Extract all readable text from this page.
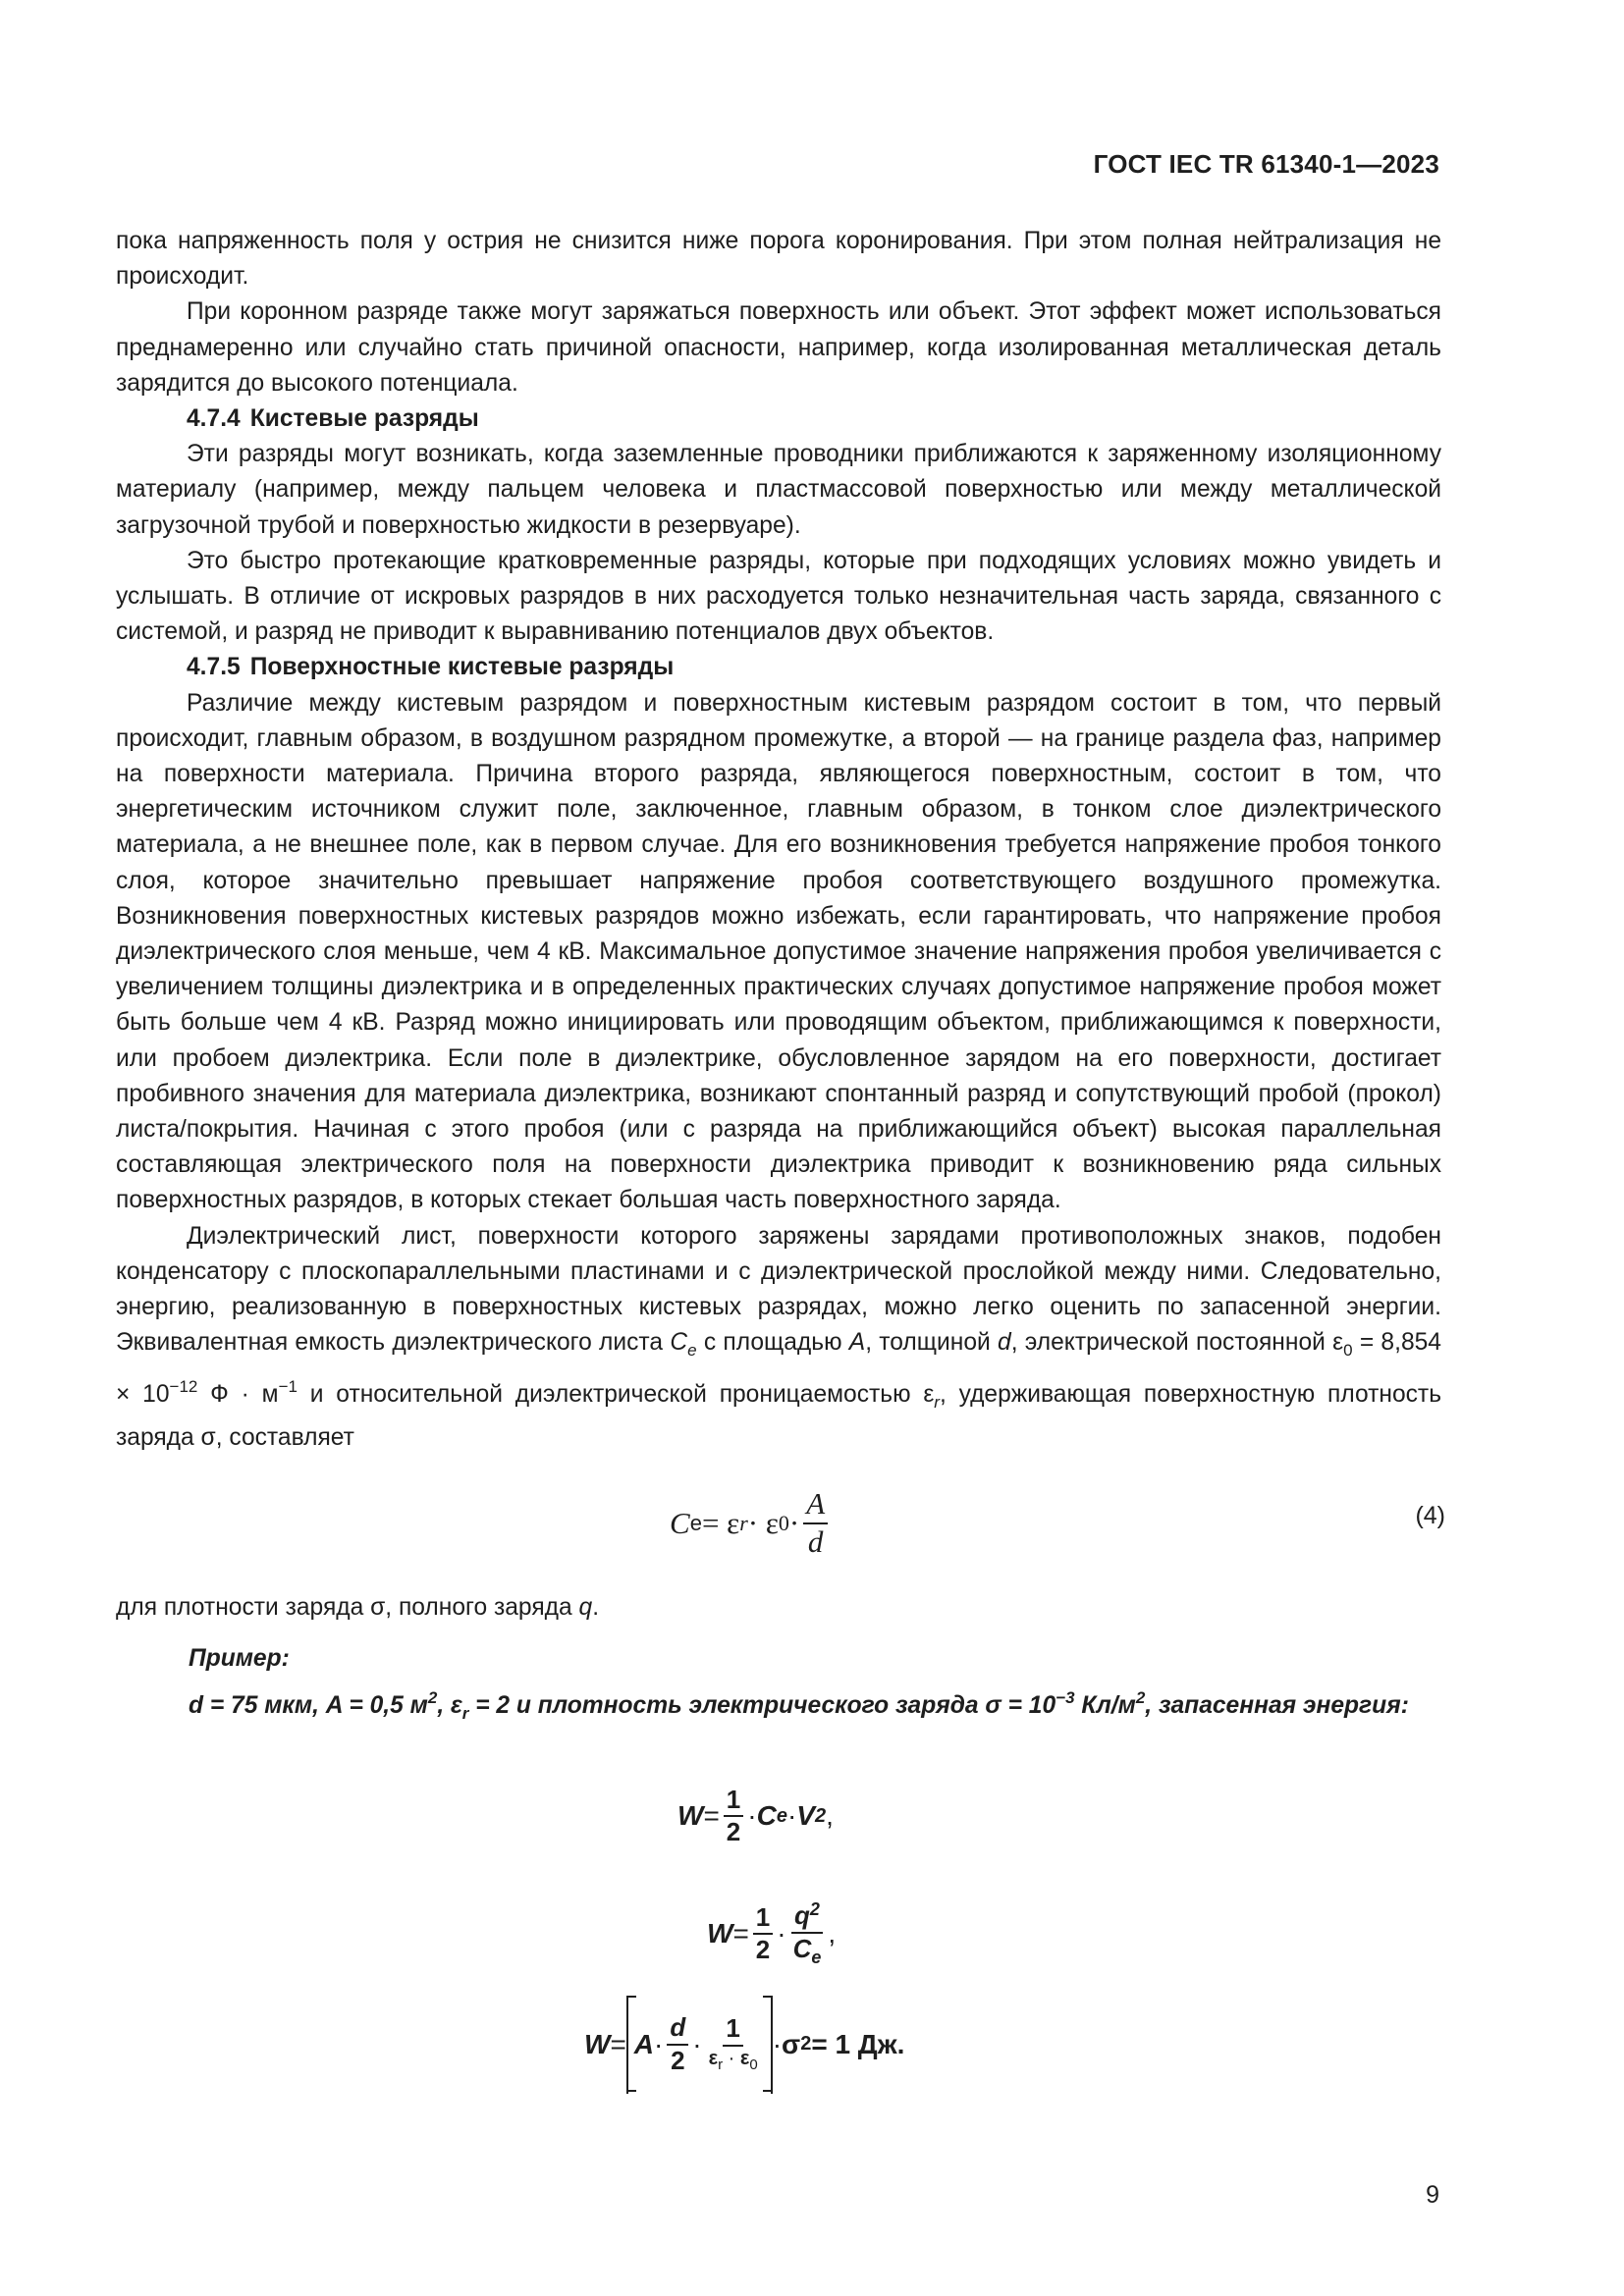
ГОСТ IEC TR 61340-1—2023

пока напряженность поля у острия не снизится ниже порога коронирования. При этом полная нейтрализация не происходит.

При коронном разряде также могут заряжаться поверхность или объект. Этот эффект может использоваться преднамеренно или случайно стать причиной опасности, например, когда изолированная металлическая деталь зарядится до высокого потенциала.

4.7.4 Кистевые разряды

Эти разряды могут возникать, когда заземленные проводники приближаются к заряженному изоляционному материалу (например, между пальцем человека и пластмассовой поверхностью или между металлической загрузочной трубой и поверхностью жидкости в резервуаре).

Это быстро протекающие кратковременные разряды, которые при подходящих условиях можно увидеть и услышать. В отличие от искровых разрядов в них расходуется только незначительная часть заряда, связанного с системой, и разряд не приводит к выравниванию потенциалов двух объектов.

4.7.5 Поверхностные кистевые разряды

Различие между кистевым разрядом и поверхностным кистевым разрядом состоит в том, что первый происходит, главным образом, в воздушном разрядном промежутке, а второй — на границе раздела фаз, например на поверхности материала. Причина второго разряда, являющегося поверхностным, состоит в том, что энергетическим источником служит поле, заключенное, главным образом, в тонком слое диэлектрического материала, а не внешнее поле, как в первом случае. Для его возникновения требуется напряжение пробоя тонкого слоя, которое значительно превышает напряжение пробоя соответствующего воздушного промежутка. Возникновения поверхностных кистевых разрядов можно избежать, если гарантировать, что напряжение пробоя диэлектрического слоя меньше, чем 4 кВ. Максимальное допустимое значение напряжения пробоя увеличивается с увеличением толщины диэлектрика и в определенных практических случаях допустимое напряжение пробоя может быть больше чем 4 кВ. Разряд можно инициировать или проводящим объектом, приближающимся к поверхности, или пробоем диэлектрика. Если поле в диэлектрике, обусловленное зарядом на его поверхности, достигает пробивного значения для материала диэлектрика, возникают спонтанный разряд и сопутствующий пробой (прокол) листа/покрытия. Начиная с этого пробоя (или с разряда на приближающийся объект) высокая параллельная составляющая электрического поля на поверхности диэлектрика приводит к возникновению ряда сильных поверхностных разрядов, в которых стекает большая часть поверхностного заряда.

Диэлектрический лист, поверхности которого заряжены зарядами противоположных знаков, подобен конденсатору с плоскопараллельными пластинами и с диэлектрической прослойкой между ними. Следовательно, энергию, реализованную в поверхностных кистевых разрядах, можно легко оценить по запасенной энергии. Эквивалентная емкость диэлектрического листа $C_e$ с площадью A, толщиной d, электрической постоянной $\varepsilon_0 = 8,854 \times 10^{-12}$ $Ф \cdot м^{-1}$ и относительной диэлектрической проницаемостью $\varepsilon_r$, удерживающая поверхностную плотность заряда σ, составляет

C e = ε r · ε $0 \cdot \frac{A}{d}$	(4)
для плотности заряда σ, полного заряда q.
Пример:
d = 75 мкм, A = 0,5 $м^2$, $\varepsilon_r = 2$ и плотность электрического заряда $\sigma = 10^{-3}$ $Кл/м^2$, запасенная энергия:
$W = \frac{1}{2} \cdot C$ e · V 2 ,
$W = \frac{1}{2} \cdot \frac{q^2}{C_e}$ ,
$W = A \cdot \frac{d}{2} \cdot \frac{1}{\varepsilon_r \cdot \varepsilon_0} \cdot \sigma$ 2 = 1 Дж.
9
